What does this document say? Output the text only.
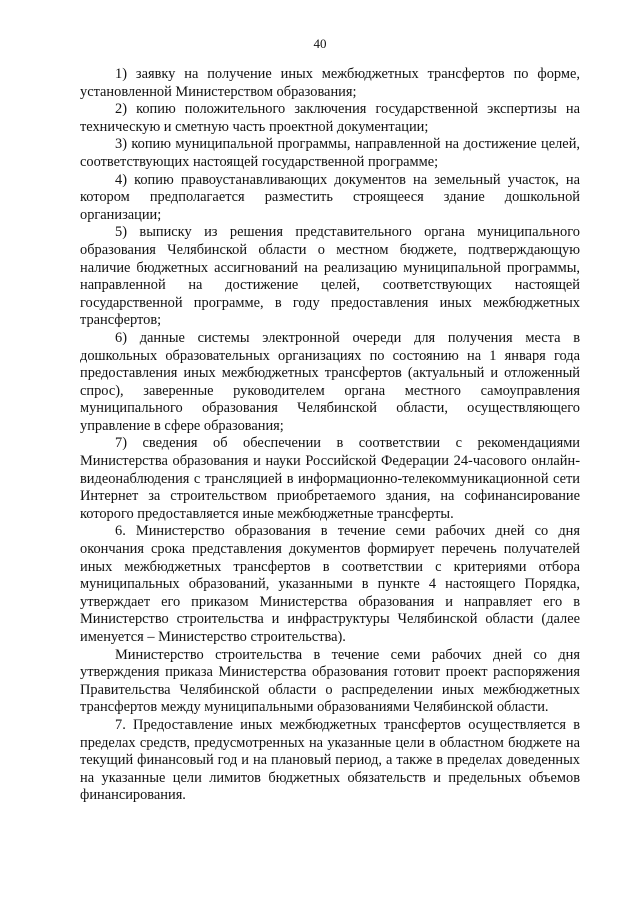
40

1) заявку на получение иных межбюджетных трансфертов по форме, установленной Министерством образования;

2) копию положительного заключения государственной экспертизы на техническую и сметную часть проектной документации;

3) копию муниципальной программы, направленной на достижение целей, соответствующих настоящей государственной программе;

4) копию правоустанавливающих документов на земельный участок, на котором предполагается разместить строящееся здание дошкольной организации;

5) выписку из решения представительного органа муниципального образования Челябинской области о местном бюджете, подтверждающую наличие бюджетных ассигнований на реализацию муниципальной программы, направленной на достижение целей, соответствующих настоящей государственной программе, в году предоставления иных межбюджетных трансфертов;

6) данные системы электронной очереди для получения места в дошкольных образовательных организациях по состоянию на 1 января года предоставления иных межбюджетных трансфертов (актуальный и отложенный спрос), заверенные руководителем органа местного самоуправления муниципального образования Челябинской области, осуществляющего управление в сфере образования;

7) сведения об обеспечении в соответствии с рекомендациями Министерства образования и науки Российской Федерации 24-часового онлайн-видеонаблюдения с трансляцией в информационно-телекоммуникационной сети Интернет за строительством приобретаемого здания, на софинансирование которого предоставляется иные межбюджетные трансферты.

6. Министерство образования в течение семи рабочих дней со дня окончания срока представления документов формирует перечень получателей иных межбюджетных трансфертов в соответствии с критериями отбора муниципальных образований, указанными в пункте 4 настоящего Порядка, утверждает его приказом Министерства образования и направляет его в Министерство строительства и инфраструктуры Челябинской области (далее именуется – Министерство строительства).

Министерство строительства в течение семи рабочих дней со дня утверждения приказа Министерства образования готовит проект распоряжения Правительства Челябинской области о распределении иных межбюджетных трансфертов между муниципальными образованиями Челябинской области.

7. Предоставление иных межбюджетных трансфертов осуществляется в пределах средств, предусмотренных на указанные цели в областном бюджете на текущий финансовый год и на плановый период, а также в пределах доведенных на указанные цели лимитов бюджетных обязательств и предельных объемов финансирования.
